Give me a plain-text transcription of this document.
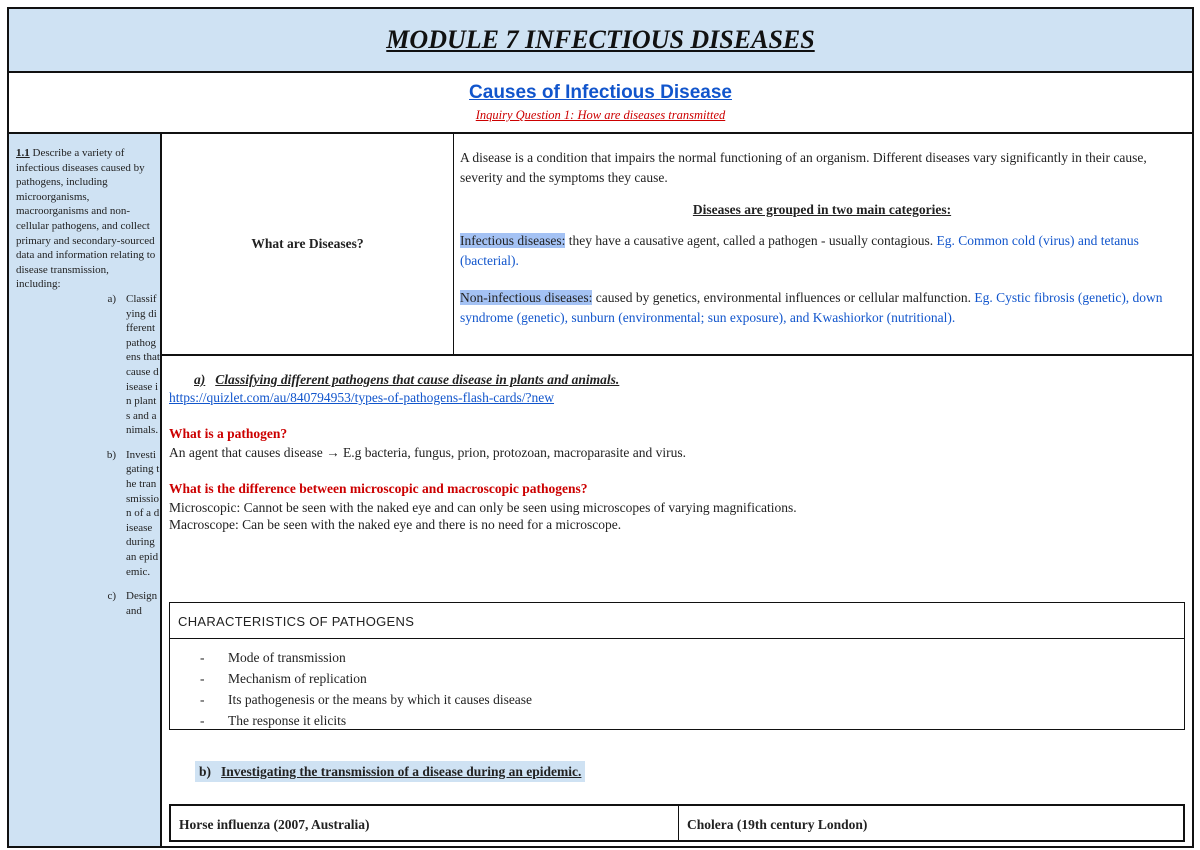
MODULE 7 INFECTIOUS DISEASES
Causes of Infectious Disease
Inquiry Question 1: How are diseases transmitted
1.1 Describe a variety of infectious diseases caused by pathogens, including microorganisms, macroorganisms and non-cellular pathogens, and collect primary and secondary-sourced data and information relating to disease transmission, including:
a) Classifying different pathogens that cause disease in plants and animals.
b) Investigating the transmission of a disease during an epidemic.
c) Design and
What are Diseases?

A disease is a condition that impairs the normal functioning of an organism. Different diseases vary significantly in their cause, severity and the symptoms they cause.

Diseases are grouped in two main categories:

Infectious diseases: they have a causative agent, called a pathogen - usually contagious. Eg. Common cold (virus) and tetanus (bacterial).

Non-infectious diseases: caused by genetics, environmental influences or cellular malfunction. Eg. Cystic fibrosis (genetic), down syndrome (genetic), sunburn (environmental; sun exposure), and Kwashiorkor (nutritional).

a) Classifying different pathogens that cause disease in plants and animals.
https://quizlet.com/au/840794953/types-of-pathogens-flash-cards/?new
What is a pathogen?
An agent that causes disease → E.g bacteria, fungus, prion, protozoan, macroparasite and virus.
What is the difference between microscopic and macroscopic pathogens?
Microscopic: Cannot be seen with the naked eye and can only be seen using microscopes of varying magnifications.
Macroscope: Can be seen with the naked eye and there is no need for a microscope.
CHARACTERISTICS OF PATHOGENS
- Mode of transmission
- Mechanism of replication
- Its pathogenesis or the means by which it causes disease
- The response it elicits
b) Investigating the transmission of a disease during an epidemic.
Horse influenza (2007, Australia)	Cholera (19th century London)
